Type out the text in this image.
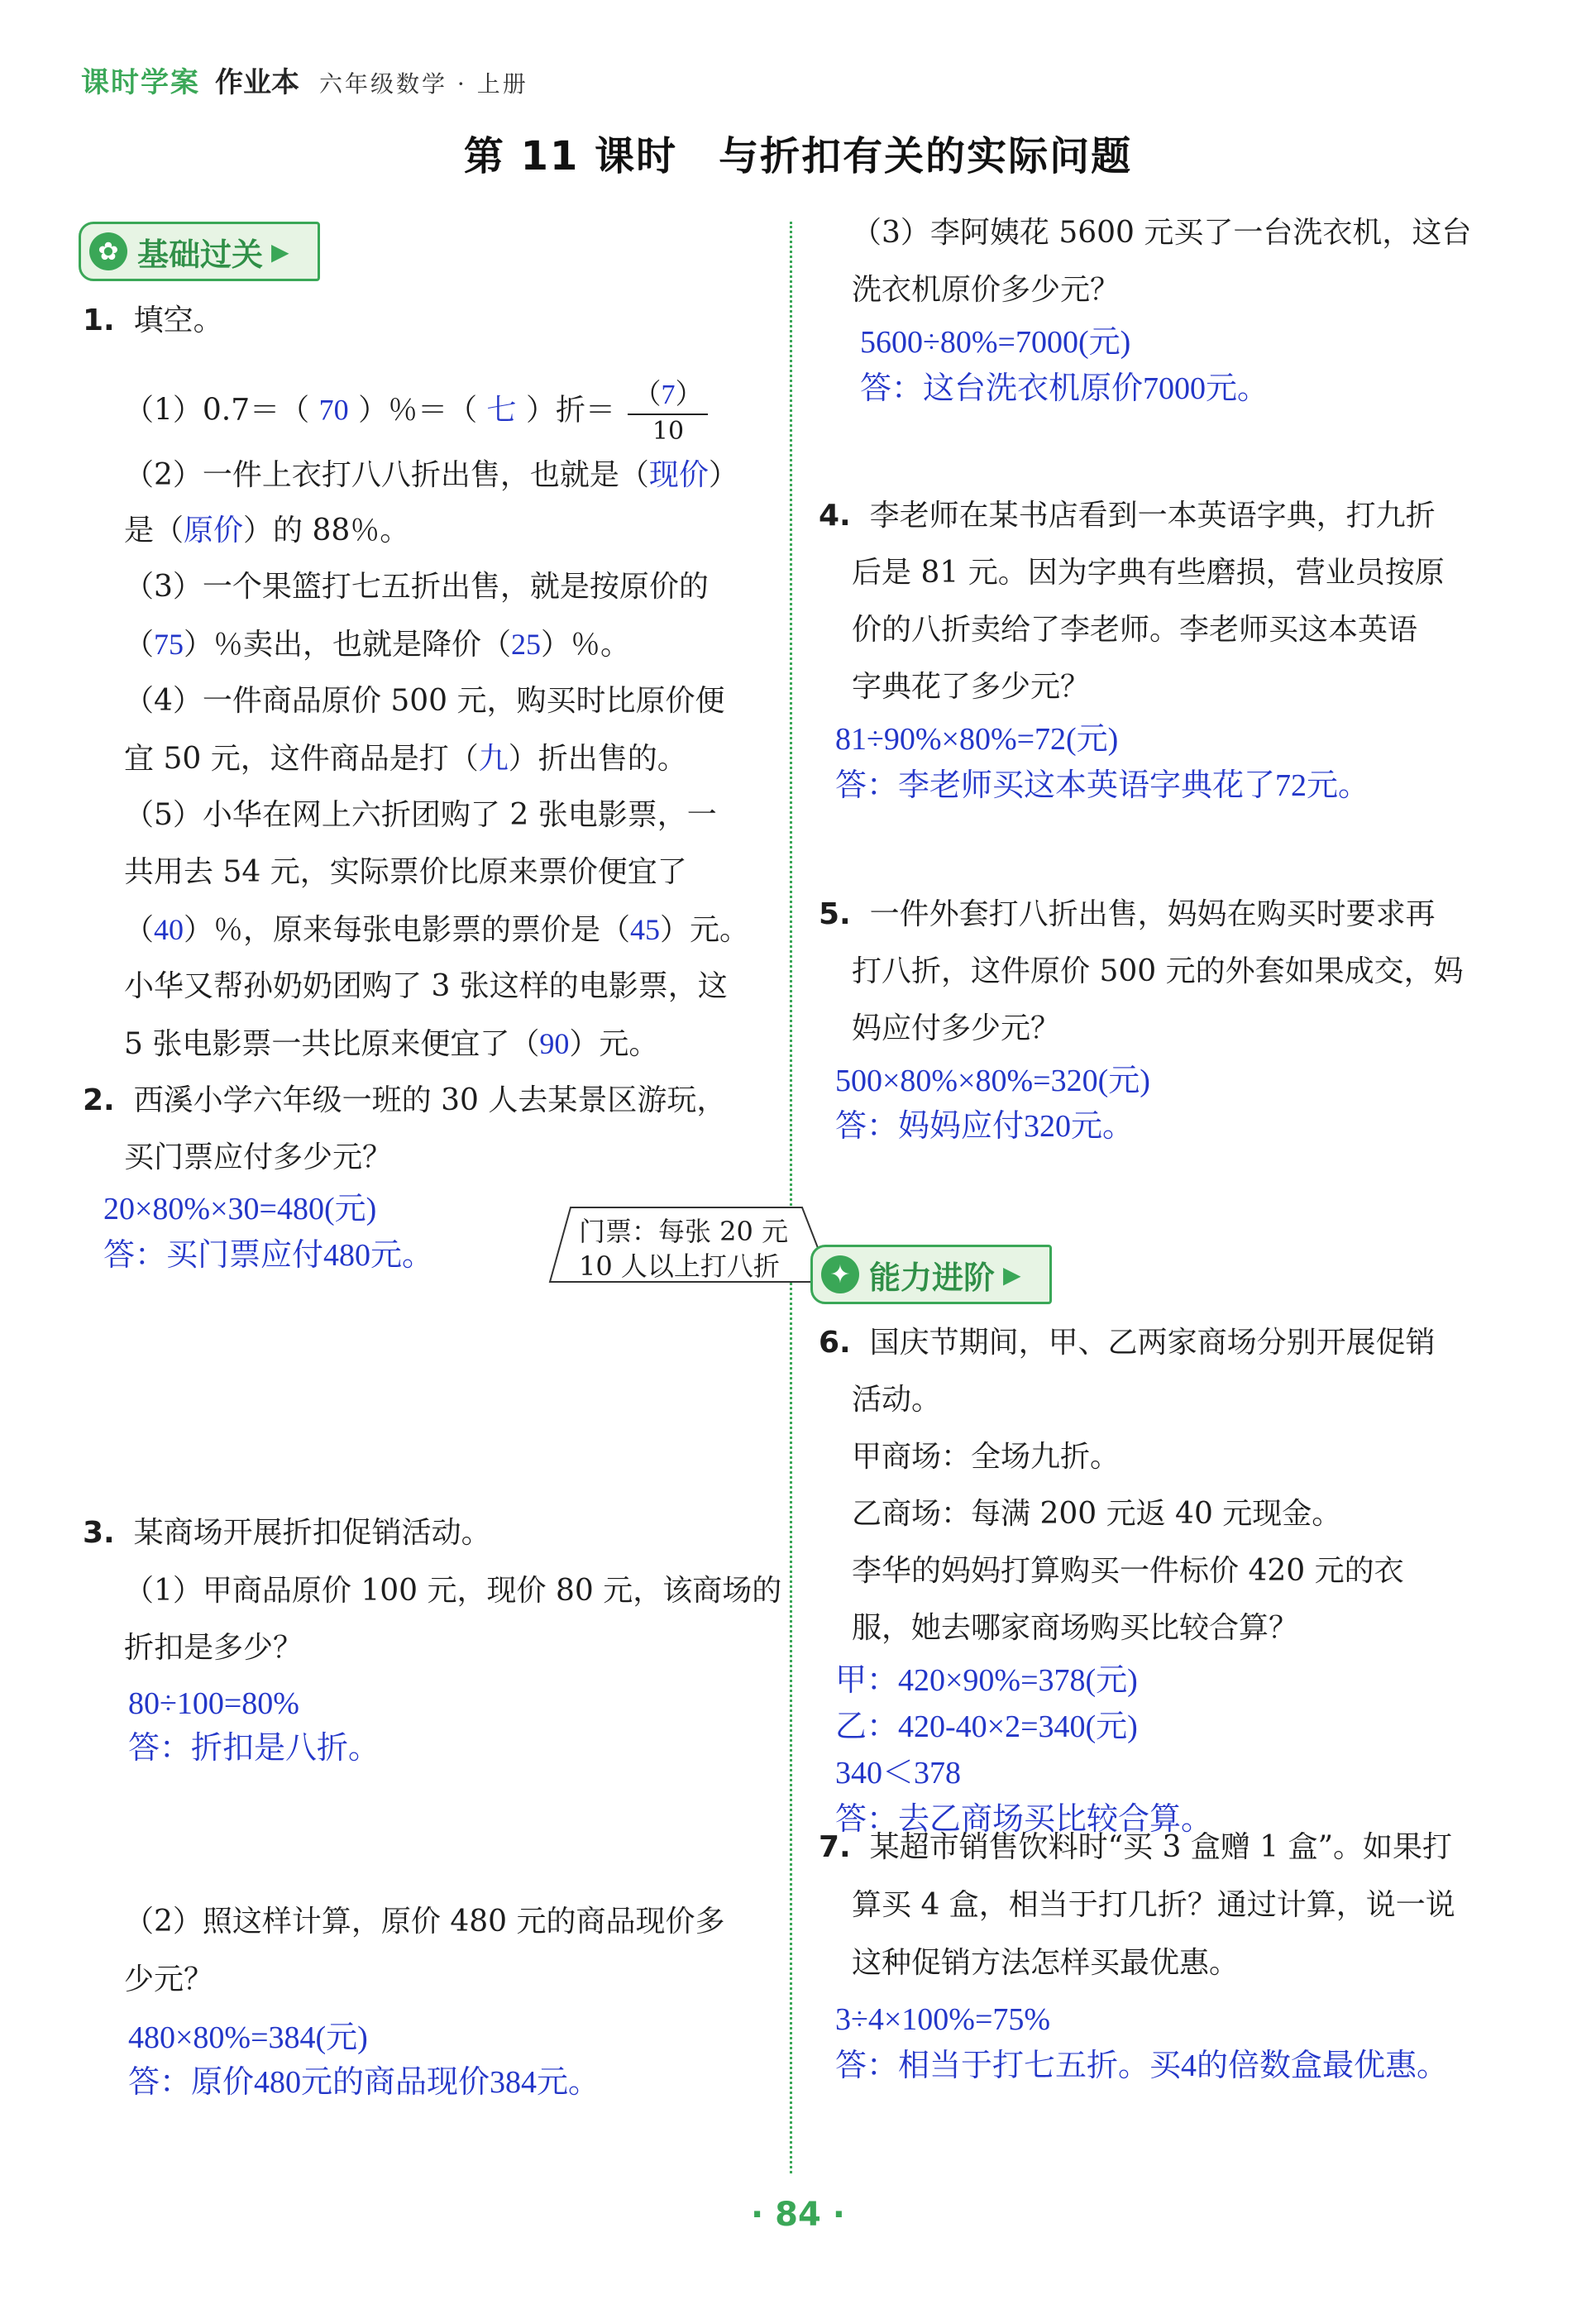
课时学案 作业本 六年级数学 · 上册
第 11 课时 与折扣有关的实际问题
✿ 基础过关 ▶
1. 填空。
（1）0.7＝（ 70 ）％＝（ 七 ）折＝ $\frac{(7)}{10}$
（2）一件上衣打八八折出售，也就是（现价）
是（原价）的 88％。
（3）一个果篮打七五折出售，就是按原价的
（75）％卖出，也就是降价（25）％。
（4）一件商品原价 500 元，购买时比原价便
宜 50 元，这件商品是打（九）折出售的。
（5）小华在网上六折团购了 2 张电影票，一
共用去 54 元，实际票价比原来票价便宜了
（40）％，原来每张电影票的票价是（45）元。
小华又帮孙奶奶团购了 3 张这样的电影票，这
5 张电影票一共比原来便宜了（90）元。
2. 西溪小学六年级一班的 30 人去某景区游玩，
买门票应付多少元？
20×80%×30=480(元)
答：买门票应付480元。
门票：每张 20 元
10 人以上打八折
3. 某商场开展折扣促销活动。
（1）甲商品原价 100 元，现价 80 元，该商场的
折扣是多少？
80÷100=80%
答：折扣是八折。
（2）照这样计算，原价 480 元的商品现价多
少元？
480×80%=384(元)
答：原价480元的商品现价384元。
（3）李阿姨花 5600 元买了一台洗衣机，这台
洗衣机原价多少元？
5600÷80%=7000(元)
答：这台洗衣机原价7000元。
4. 李老师在某书店看到一本英语字典，打九折
后是 81 元。因为字典有些磨损，营业员按原
价的八折卖给了李老师。李老师买这本英语
字典花了多少元？
81÷90%×80%=72(元)
答：李老师买这本英语字典花了72元。
5. 一件外套打八折出售，妈妈在购买时要求再
打八折，这件原价 500 元的外套如果成交，妈
妈应付多少元？
500×80%×80%=320(元)
答：妈妈应付320元。
✦ 能力进阶 ▶
6. 国庆节期间，甲、乙两家商场分别开展促销
活动。
甲商场：全场九折。
乙商场：每满 200 元返 40 元现金。
李华的妈妈打算购买一件标价 420 元的衣
服，她去哪家商场购买比较合算？
甲：420×90%=378(元)
乙：420-40×2=340(元)
340＜378
答：去乙商场买比较合算。
7. 某超市销售饮料时“买 3 盒赠 1 盒”。如果打
算买 4 盒，相当于打几折？通过计算，说一说
这种促销方法怎样买最优惠。
3÷4×100%=75%
答：相当于打七五折。买4的倍数盒最优惠。
· 84 ·
